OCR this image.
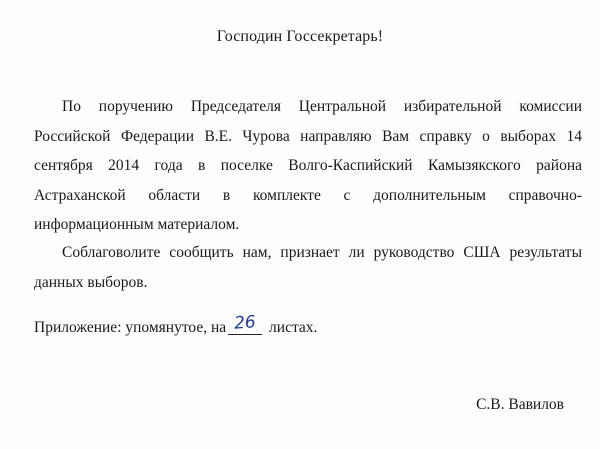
Господин Госсекретарь!

По поручению Председателя Центральной избирательной комиссии Российской Федерации В.Е. Чурова направляю Вам справку о выборах 14 сентября 2014 года в поселке Волго-Каспийский Камызякского района Астраханской области в комплекте с дополнительным справочно-информационным материалом.

Соблаговолите сообщить нам, признает ли руководство США результаты данных выборов.

Приложение: упомянутое, на 26 листах.
С.В. Вавилов
